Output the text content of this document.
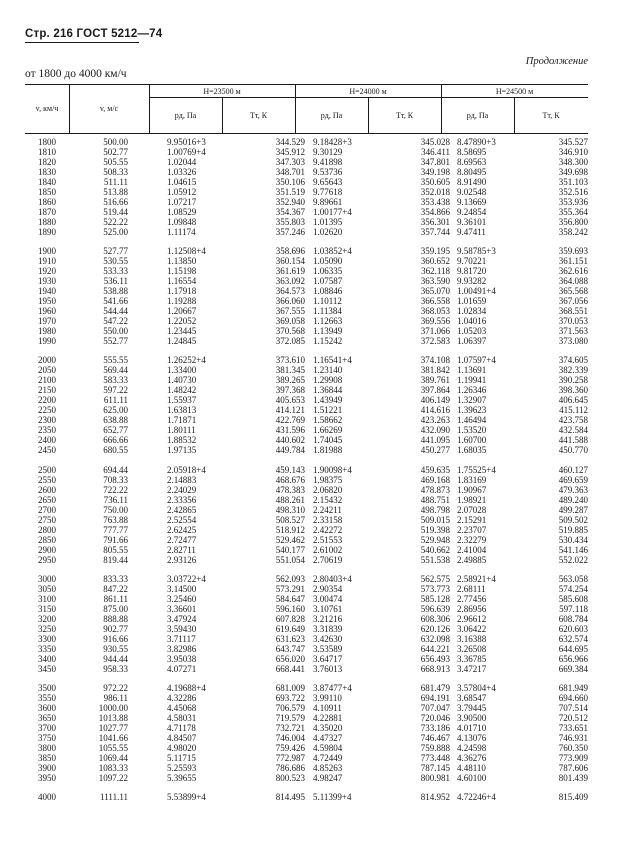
Стр. 216 ГОСТ 5212—74
Продолжение
от 1800 до 4000 км/ч
v, км/ч	v, м/с
H=23500 м	H=24000 м	H=24500 м
pд, Па	Tт, К	pд, Па	Tт, К	pд, Па	Tт, К
1800	500.00	9.95016+3	344.529 9.18428+3	345.028 8.47890+3	345.527
1810	502.77	1.00769+4	345.912 9.30129	346.411 8.58695	346.910
1820	505.55	1.02044	347.303 9.41898	347.801 8.69563	348.300
1830	508.33	1.03326	348.701 9.53736	349.198 8.80495	349.698
1840	511.11	1.04615	350.106 9.65643	350.605 8.91490	351.103
1850	513.88	1.05912	351.519 9.77618	352.018 9.02548	352.516
1860	516.66	1.07217	352.940 9.89661	353.438 9.13669	353.936
1870	519.44	1.08529	354.367 1.00177+4	354.866 9.24854	355.364
1880	522.22	1.09848	355.803 1.01395	356.301 9.36101	356.800
1890	525.00	1.11174	357.246 1.02620	357.744 9.47411	358.242
1900	527.77	1.12508+4	358.696 1.03852+4	359.195 9.58785+3	359.693
1910	530.55	1.13850	360.154 1.05090	360.652 9.70221	361.151
1920	533.33	1.15198	361.619 1.06335	362.118 9.81720	362.616
1930	536.11	1.16554	363.092 1.07587	363.590 9.93282	364.088
1940	538.88	1.17918	364.573 1.08846	365.070 1.00491+4	365.568
1950	541.66	1.19288	366.060 1.10112	366.558 1.01659	367.056
1960	544.44	1.20667	367.555 1.11384	368.053 1.02834	368.551
1970	547.22	1.22052	369.058 1.12663	369.556 1.04016	370.053
1980	550.00	1.23445	370.568 1.13949	371.066 1.05203	371.563
1990	552.77	1.24845	372.085 1.15242	372.583 1.06397	373.080
2000	555.55	1.26252+4	373.610 1.16541+4	374.108 1.07597+4	374.605
2050	569.44	1.33400	381.345 1.23140	381.842 1.13691	382.339
2100	583.33	1.40730	389.265 1.29908	389.761 1.19941	390.258
2150	597.22	1.48242	397.368 1.36844	397.864 1.26346	398.360
2200	611.11	1.55937	405.653 1.43949	406.149 1.32907	406.645
2250	625.00	1.63813	414.121 1.51221	414.616 1.39623	415.112
2300	638.88	1.71871	422.769 1.58662	423.263 1.46494	423.758
2350	652.77	1.80111	431.596 1.66269	432.090 1.53520	432.584
2400	666.66	1.88532	440.602 1.74045	441.095 1.60700	441.588
2450	680.55	1.97135	449.784 1.81988	450.277 1.68035	450.770
2500	694.44	2.05918+4	459.143 1.90098+4	459.635 1.75525+4	460.127
2550	708.33	2.14883	468.676 1.98375	469.168 1.83169	469.659
2600	722.22	2.24029	478.383 2.06820	478.873 1.90967	479.363
2650	736.11	2.33356	488.261 2.15432	488.751 1.98921	489.240
2700	750.00	2.42865	498.310 2.24211	498.798 2.07028	499.287
2750	763.88	2.52554	508.527 2.33158	509.015 2.15291	509.502
2800	777.77	2.62425	518.912 2.42272	519.398 2.23707	519.885
2850	791.66	2.72477	529.462 2.51553	529.948 2.32279	530.434
2900	805.55	2.82711	540.177 2.61002	540.662 2.41004	541.146
2950	819.44	2.93126	551.054 2.70619	551.538 2.49885	552.022
3000	833.33	3.03722+4	562.093 2.80403+4	562.575 2.58921+4	563.058
3050	847.22	3.14500	573.291 2.90354	573.773 2.68111	574.254
3100	861.11	3.25460	584.647 3.00474	585.128 2.77456	585.608
3150	875.00	3.36601	596.160 3.10761	596.639 2.86956	597.118
3200	888.88	3.47924	607.828 3.21216	608.306 2.96612	608.784
3250	902.77	3.59430	619.649 3.31839	620.126 3.06422	620.603
3300	916.66	3.71117	631.623 3.42630	632.098 3.16388	632.574
3350	930.55	3.82986	643.747 3.53589	644.221 3.26508	644.695
3400	944.44	3.95038	656.020 3.64717	656.493 3.36785	656.966
3450	958.33	4.07271	668.441 3.76013	668.913 3.47217	669.384
3500	972.22	4.19688+4	681.009 3.87477+4	681.479 3.57804+4	681.949
3550	986.11	4.32286	693.722 3.99110	694.191 3.68547	694.660
3600	1000.00	4.45068	706.579 4.10911	707.047 3.79445	707.514
3650	1013.88	4.58031	719.579 4.22881	720.046 3.90500	720.512
3700	1027.77	4.71178	732.721 4.35020	733.186 4.01710	733.651
3750	1041.66	4.84507	746.004 4.47327	746.467 4.13076	746.931
3800	1055.55	4.98020	759.426 4.59804	759.888 4.24598	760.350
3850	1069.44	5.11715	772.987 4.72449	773.448 4.36276	773.909
3900	1083.33	5.25593	786.686 4.85263	787.145 4.48110	787.606
3950	1097.22	5.39655	800.523 4.98247	800.981 4.60100	801.439
4000	1111.11	5.53899+4	814.495 5.11399+4	814.952 4.72246+4	815.409
